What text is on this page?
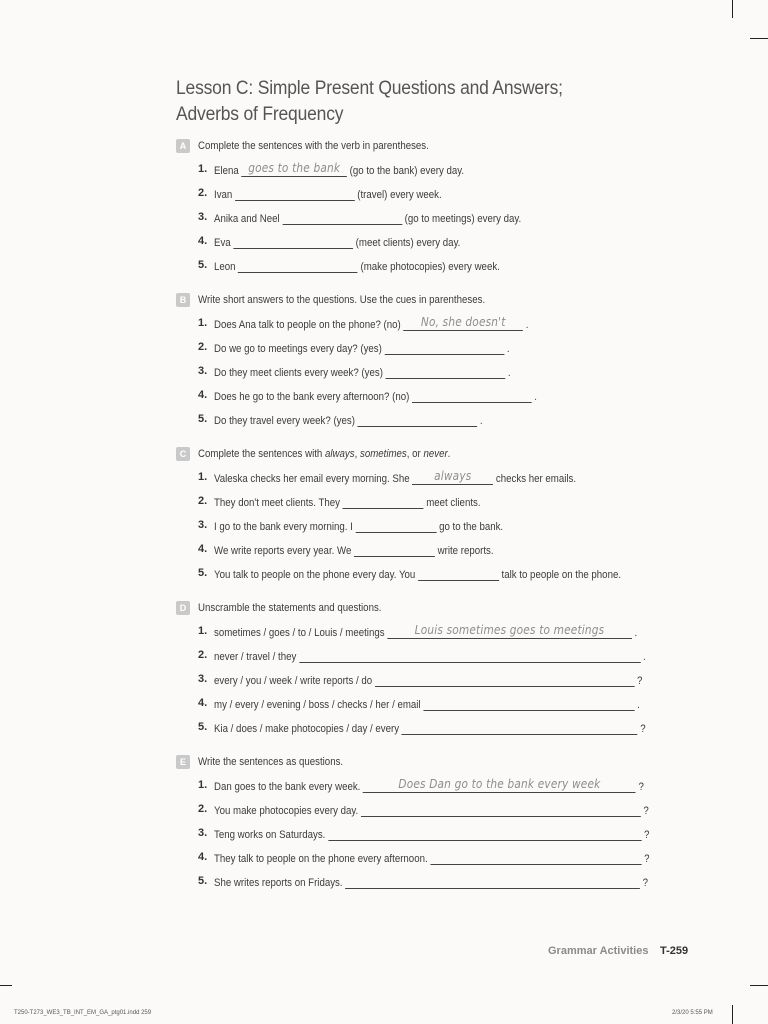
Lesson C: Simple Present Questions and Answers;
Adverbs of Frequency
A	Complete the sentences with the verb in parentheses.
1. Elena goes to the bank (go to the bank) every day.
2. Ivan	(travel) every week.
3. Anika and Neel	(go to meetings) every day.
4. Eva	(meet clients) every day.
5. Leon	(make photocopies) every week.
B	Write short answers to the questions. Use the cues in parentheses.
1. Does Ana talk to people on the phone? (no)	No, she doesn't	.
2. Do we go to meetings every day? (yes)	.
3. Do they meet clients every week? (yes)	.
4. Does he go to the bank every afternoon? (no)	.
5. Do they travel every week? (yes)	.
C	Complete the sentences with always, sometimes, or never.
1. Valeska checks her email every morning. She	always	checks her emails.
2. They don't meet clients. They	meet clients.
3. I go to the bank every morning. I	go to the bank.
4. We write reports every year. We	write reports.
5. You talk to people on the phone every day. You	talk to people on the phone.
D	Unscramble the statements and questions.
1. sometimes / goes / to / Louis / meetings	Louis sometimes goes to meetings	.
2. never / travel / they	.
3. every / you / week / write reports / do	?
4. my / every / evening / boss / checks / her / email	.
5. Kia / does / make photocopies / day / every	?
E	Write the sentences as questions.
1. Dan goes to the bank every week.	Does Dan go to the bank every week	?
2. You make photocopies every day.	?
3. Teng works on Saturdays.	?
4. They talk to people on the phone every afternoon.	?
5. She writes reports on Fridays.	?
Grammar Activities T-259
T250-T273_WE3_TB_INT_EM_GA_ptg01.indd 259	2/3/20 5:55 PM
